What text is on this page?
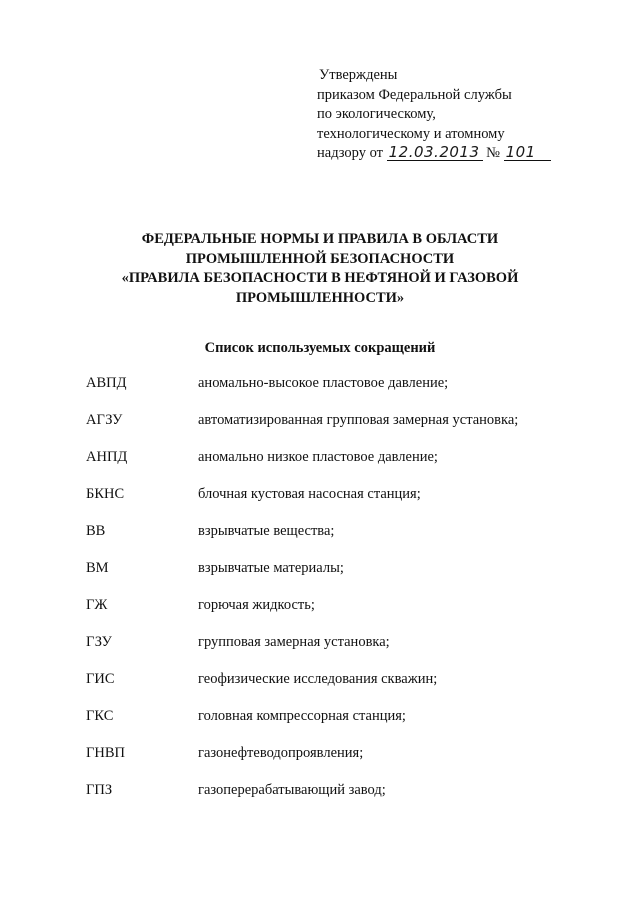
Утверждены
приказом Федеральной службы
по экологическому,
технологическому и атомному
надзору от 12.03.2013 № 101
ФЕДЕРАЛЬНЫЕ НОРМЫ И ПРАВИЛА В ОБЛАСТИ
ПРОМЫШЛЕННОЙ БЕЗОПАСНОСТИ
«ПРАВИЛА БЕЗОПАСНОСТИ В НЕФТЯНОЙ И ГАЗОВОЙ
ПРОМЫШЛЕННОСТИ»
Список используемых сокращений
АВПД	аномально-высокое пластовое давление;
АГЗУ	автоматизированная групповая замерная установка;
АНПД	аномально низкое пластовое давление;
БКНС	блочная кустовая насосная станция;
ВВ	взрывчатые вещества;
ВМ	взрывчатые материалы;
ГЖ	горючая жидкость;
ГЗУ	групповая замерная установка;
ГИС	геофизические исследования скважин;
ГКС	головная компрессорная станция;
ГНВП	газонефтеводопроявления;
ГПЗ	газоперерабатывающий завод;
